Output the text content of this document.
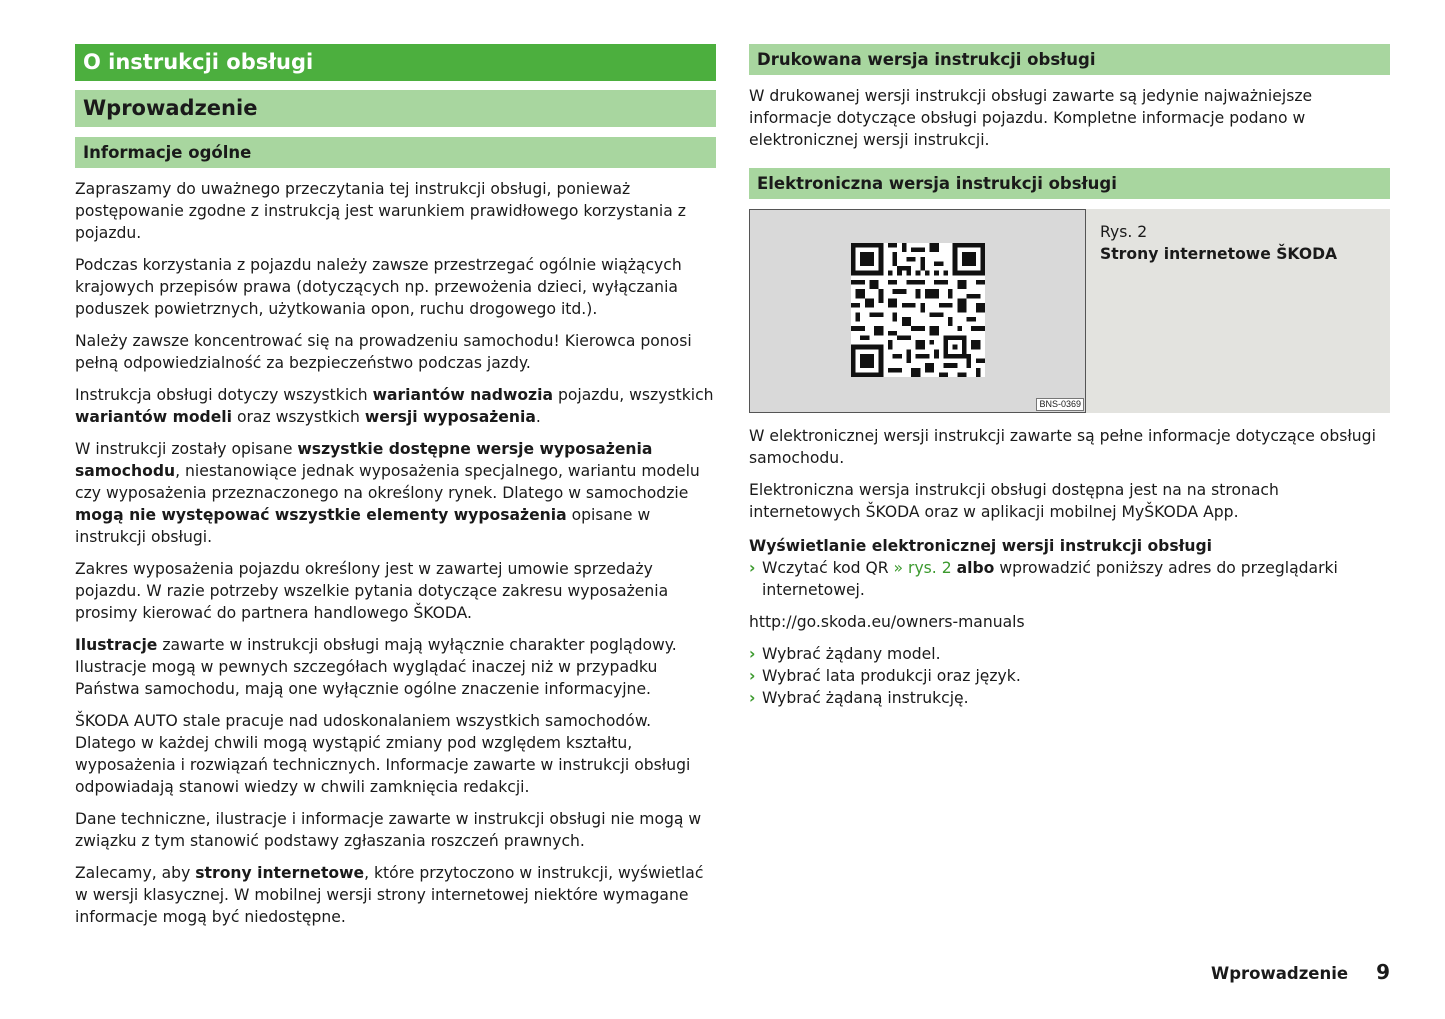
O instrukcji obsługi
Wprowadzenie
Informacje ogólne

Zapraszamy do uważnego przeczytania tej instrukcji obsługi, ponieważ postępowanie zgodne z instrukcją jest warunkiem prawidłowego korzystania z pojazdu.

Podczas korzystania z pojazdu należy zawsze przestrzegać ogólnie wiążących krajowych przepisów prawa (dotyczących np. przewożenia dzieci, wyłączania poduszek powietrznych, użytkowania opon, ruchu drogowego itd.).

Należy zawsze koncentrować się na prowadzeniu samochodu! Kierowca ponosi pełną odpowiedzialność za bezpieczeństwo podczas jazdy.

Instrukcja obsługi dotyczy wszystkich wariantów nadwozia pojazdu, wszystkich wariantów modeli oraz wszystkich wersji wyposażenia.

W instrukcji zostały opisane wszystkie dostępne wersje wyposażenia samochodu, niestanowiące jednak wyposażenia specjalnego, wariantu modelu czy wyposażenia przeznaczonego na określony rynek. Dlatego w samochodzie mogą nie występować wszystkie elementy wyposażenia opisane w instrukcji obsługi.

Zakres wyposażenia pojazdu określony jest w zawartej umowie sprzedaży pojazdu. W razie potrzeby wszelkie pytania dotyczące zakresu wyposażenia prosimy kierować do partnera handlowego ŠKODA.

Ilustracje zawarte w instrukcji obsługi mają wyłącznie charakter poglądowy. Ilustracje mogą w pewnych szczegółach wyglądać inaczej niż w przypadku Państwa samochodu, mają one wyłącznie ogólne znaczenie informacyjne.

ŠKODA AUTO stale pracuje nad udoskonalaniem wszystkich samochodów. Dlatego w każdej chwili mogą wystąpić zmiany pod względem kształtu, wyposażenia i rozwiązań technicznych. Informacje zawarte w instrukcji obsługi odpowiadają stanowi wiedzy w chwili zamknięcia redakcji.

Dane techniczne, ilustracje i informacje zawarte w instrukcji obsługi nie mogą w związku z tym stanowić podstawy zgłaszania roszczeń prawnych.

Zalecamy, aby strony internetowe, które przytoczono w instrukcji, wyświetlać w wersji klasycznej. W mobilnej wersji strony internetowej niektóre wymagane informacje mogą być niedostępne.

Drukowana wersja instrukcji obsługi

W drukowanej wersji instrukcji obsługi zawarte są jedynie najważniejsze informacje dotyczące obsługi pojazdu. Kompletne informacje podano w elektronicznej wersji instrukcji.

Elektroniczna wersja instrukcji obsługi
BNS-0369
Rys. 2
Strony internetowe ŠKODA

W elektronicznej wersji instrukcji zawarte są pełne informacje dotyczące obsługi samochodu.

Elektroniczna wersja instrukcji obsługi dostępna jest na na stronach internetowych ŠKODA oraz w aplikacji mobilnej MyŠKODA App.

Wyświetlanie elektronicznej wersji instrukcji obsługi
› Wczytać kod QR » rys. 2 albo wprowadzić poniższy adres do przeglądarki internetowej.

http://go.skoda.eu/owners-manuals

› Wybrać żądany model.
› Wybrać lata produkcji oraz język.
› Wybrać żądaną instrukcję.
Wprowadzenie 9
